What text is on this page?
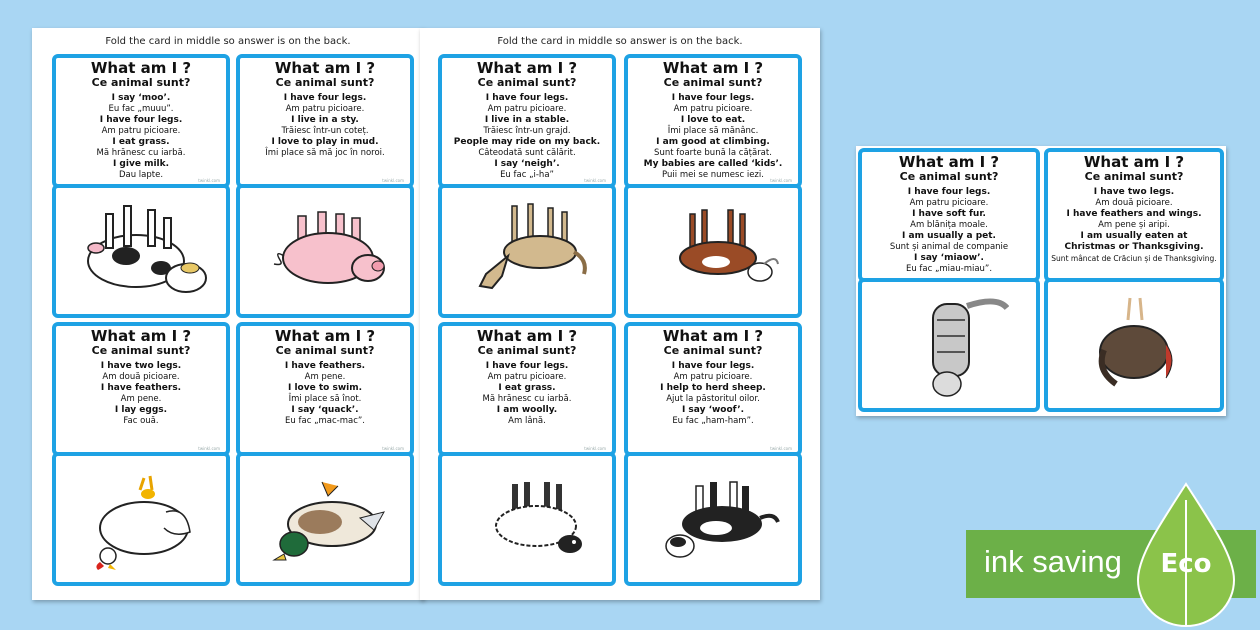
Fold the card in middle so answer is on the back.
What am I ?
Ce animal sunt?
I say ‘moo’.
Eu fac „muuu”.
I have four legs.
Am patru picioare.
I eat grass.
Mă hrănesc cu iarbă.
I give milk.
Dau lapte.
twinkl.com
What am I ?
Ce animal sunt?
I have four legs.
Am patru picioare.
I live in a sty.
Trăiesc într-un coteț.
I love to play in mud.
Îmi place să mă joc în noroi.
twinkl.com
What am I ?
Ce animal sunt?
I have two legs.
Am două picioare.
I have feathers.
Am pene.
I lay eggs.
Fac ouă.
twinkl.com
What am I ?
Ce animal sunt?
I have feathers.
Am pene.
I love to swim.
Îmi place să înot.
I say ‘quack’.
Eu fac „mac-mac”.
twinkl.com
Fold the card in middle so answer is on the back.
What am I ?
Ce animal sunt?
I have four legs.
Am patru picioare.
I live in a stable.
Trăiesc într-un grajd.
People may ride on my back.
Câteodată sunt călărit.
I say ‘neigh’.
Eu fac „i-ha”
twinkl.com
What am I ?
Ce animal sunt?
I have four legs.
Am patru picioare.
I love to eat.
Îmi place să mănânc.
I am good at climbing.
Sunt foarte bună la cățărat.
My babies are called ‘kids’.
Puii mei se numesc iezi.
twinkl.com
What am I ?
Ce animal sunt?
I have four legs.
Am patru picioare.
I eat grass.
Mă hrănesc cu iarbă.
I am woolly.
Am lână.
twinkl.com
What am I ?
Ce animal sunt?
I have four legs.
Am patru picioare.
I help to herd sheep.
Ajut la păstoritul oilor.
I say ‘woof’.
Eu fac „ham-ham”.
twinkl.com
What am I ?
Ce animal sunt?
I have four legs.
Am patru picioare.
I have soft fur.
Am blănița moale.
I am usually a pet.
Sunt și animal de companie
I say ‘miaow’.
Eu fac „miau-miau”.
What am I ?
Ce animal sunt?
I have two legs.
Am două picioare.
I have feathers and wings.
Am pene și aripi.
I am usually eaten at
Christmas or Thanksgiving.
Sunt mâncat de Crăciun și de Thanksgiving.
ink saving Eco
